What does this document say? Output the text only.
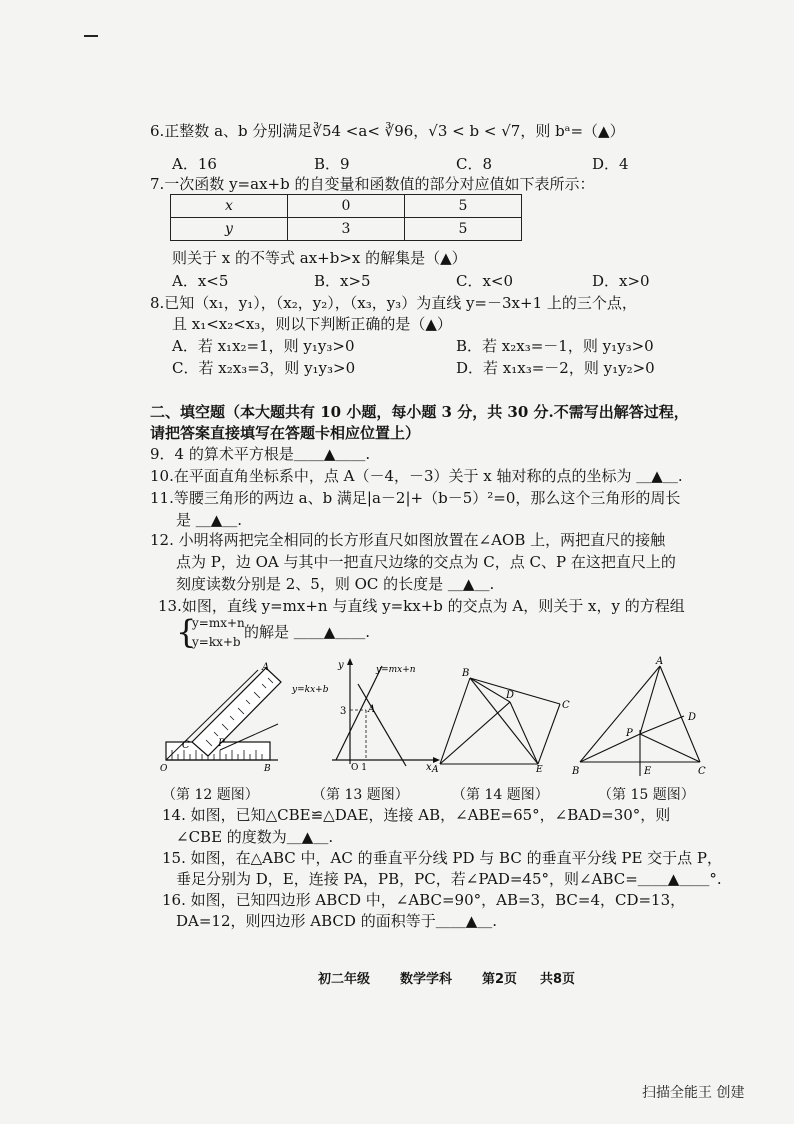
6.正整数 a、b 分别满足∛54 <a< ∛96，√3 < b < √7，则 bᵃ=（▲）
A．16	B．9	C．8	D．4
7.一次函数 y=ax+b 的自变量和函数值的部分对应值如下表所示：
x	0	5
y	3	5
则关于 x 的不等式 ax+b>x 的解集是（▲）
A．x<5	B．x>5	C．x<0	D．x>0
8.已知（x₁，y₁），（x₂，y₂），（x₃，y₃）为直线 y=－3x+1 上的三个点，
且 x₁<x₂<x₃，则以下判断正确的是（▲）
A．若 x₁x₂=1，则 y₁y₃>0	B．若 x₂x₃=－1，则 y₁y₃>0
C．若 x₂x₃=3，则 y₁y₃>0	D．若 x₁x₃=－2，则 y₁y₂>0
二、填空题（本大题共有 10 小题，每小题 3 分，共 30 分.不需写出解答过程，
请把答案直接填写在答题卡相应位置上）
9．4 的算术平方根是＿＿▲＿＿.
10.在平面直角坐标系中，点 A（－4，－3）关于 x 轴对称的点的坐标为 ＿▲＿.
11.等腰三角形的两边 a、b 满足|a－2|+（b－5）²=0，那么这个三角形的周长
是 ＿▲＿.
12. 小明将两把完全相同的长方形直尺如图放置在∠AOB 上，两把直尺的接触
点为 P，边 OA 与其中一把直尺边缘的交点为 C，点 C、P 在这把直尺上的
刻度读数分别是 2、5，则 OC 的长度是 ＿▲＿.
13.如图，直线 y=mx+n 与直线 y=kx+b 的交点为 A，则关于 x，y 的方程组
{
y=mx+n
y=kx+b
的解是 ＿＿▲＿＿.
A
C	P
O	B
（第 12 题图）
y
x
y=mx+n
y=kx+b
A
3
O 1
（第 13 题图）
A
B
C
D
E
（第 14 题图）
A
B	C
D
E
P
（第 15 题图）
14. 如图，已知△CBE≌△DAE，连接 AB，∠ABE=65°，∠BAD=30°，则
∠CBE 的度数为＿▲＿.
15. 如图，在△ABC 中，AC 的垂直平分线 PD 与 BC 的垂直平分线 PE 交于点 P，
垂足分别为 D，E，连接 PA，PB，PC，若∠PAD=45°，则∠ABC=＿＿▲＿＿°.
16. 如图，已知四边形 ABCD 中，∠ABC=90°，AB=3，BC=4，CD=13，
DA=12，则四边形 ABCD 的面积等于＿＿▲＿.
初二年级 数学学科 第2页 共8页
扫描全能王 创建
